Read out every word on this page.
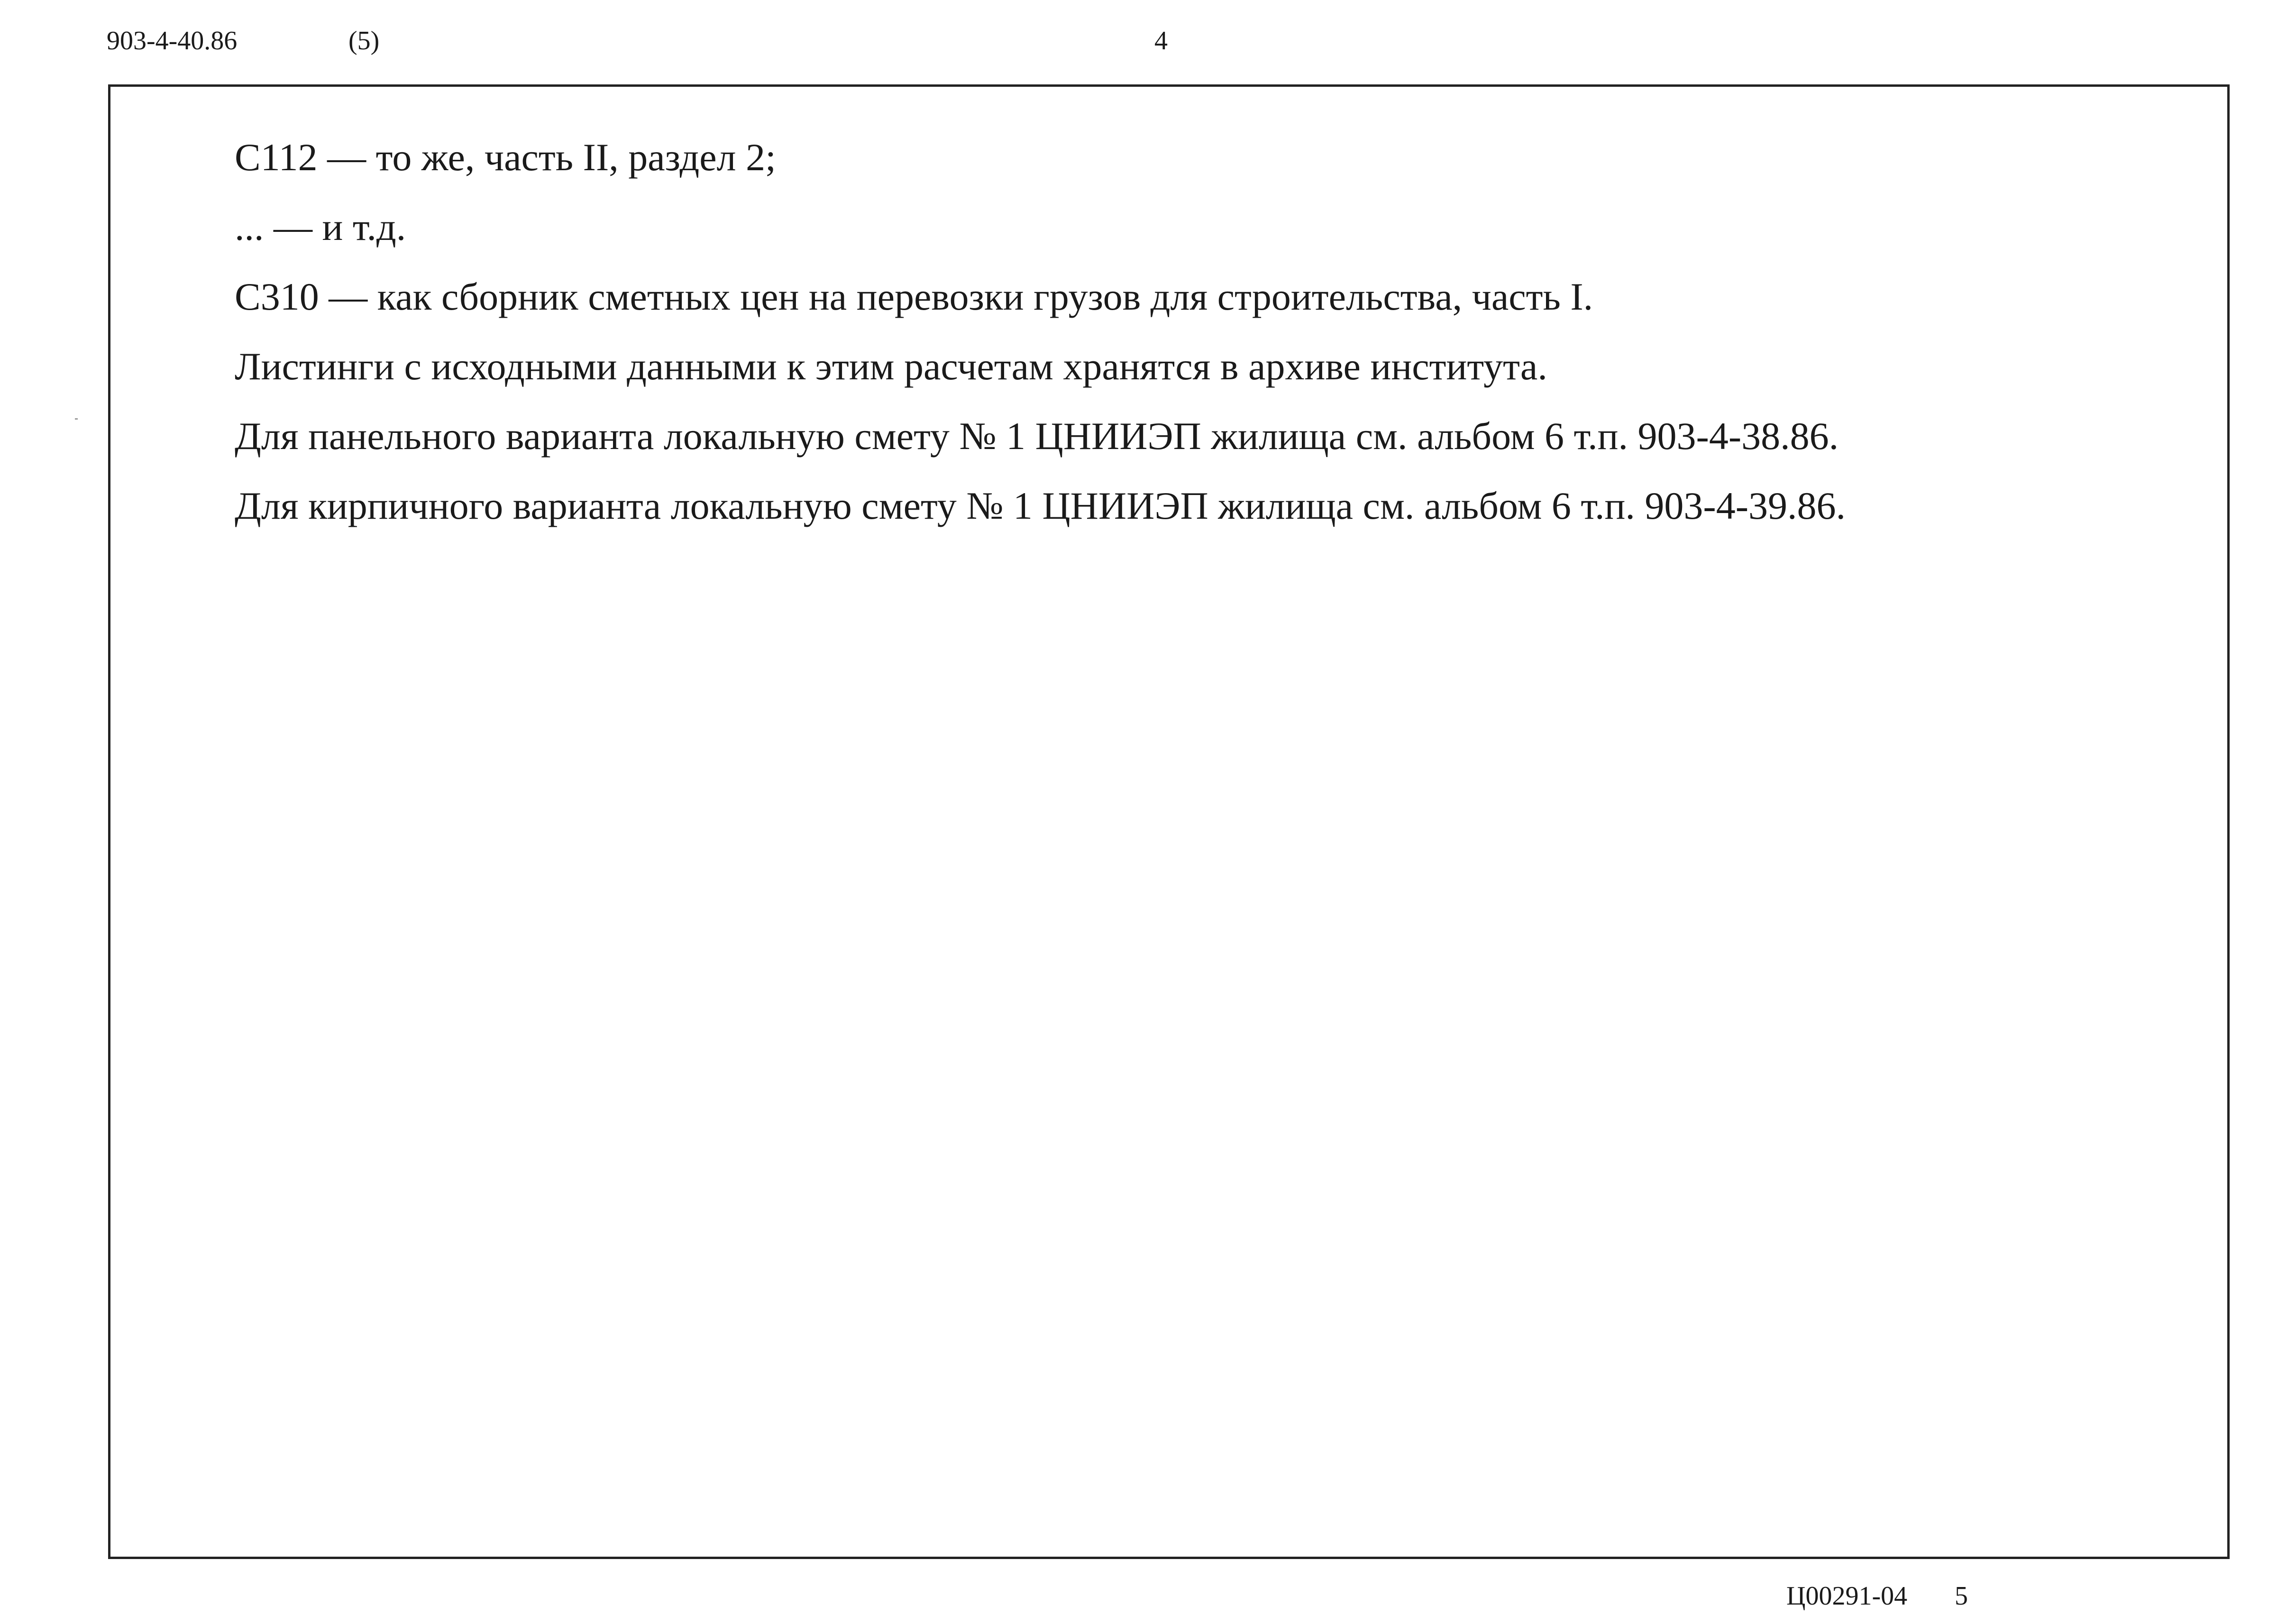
903-4-40.86	(5)	4
С112 — то же, часть II, раздел 2;
... — и т.д.
С310 — как сборник сметных цен на перевозки грузов для строительства, часть I.
Листинги с исходными данными к этим расчетам хранятся в архиве института.
Для панельного варианта локальную смету № 1 ЦНИИЭП жилища см. альбом 6 т.п. 903-4-38.86.
Для кирпичного варианта локальную смету № 1 ЦНИИЭП жилища см. альбом 6 т.п. 903-4-39.86.
Ц00291-04 5
